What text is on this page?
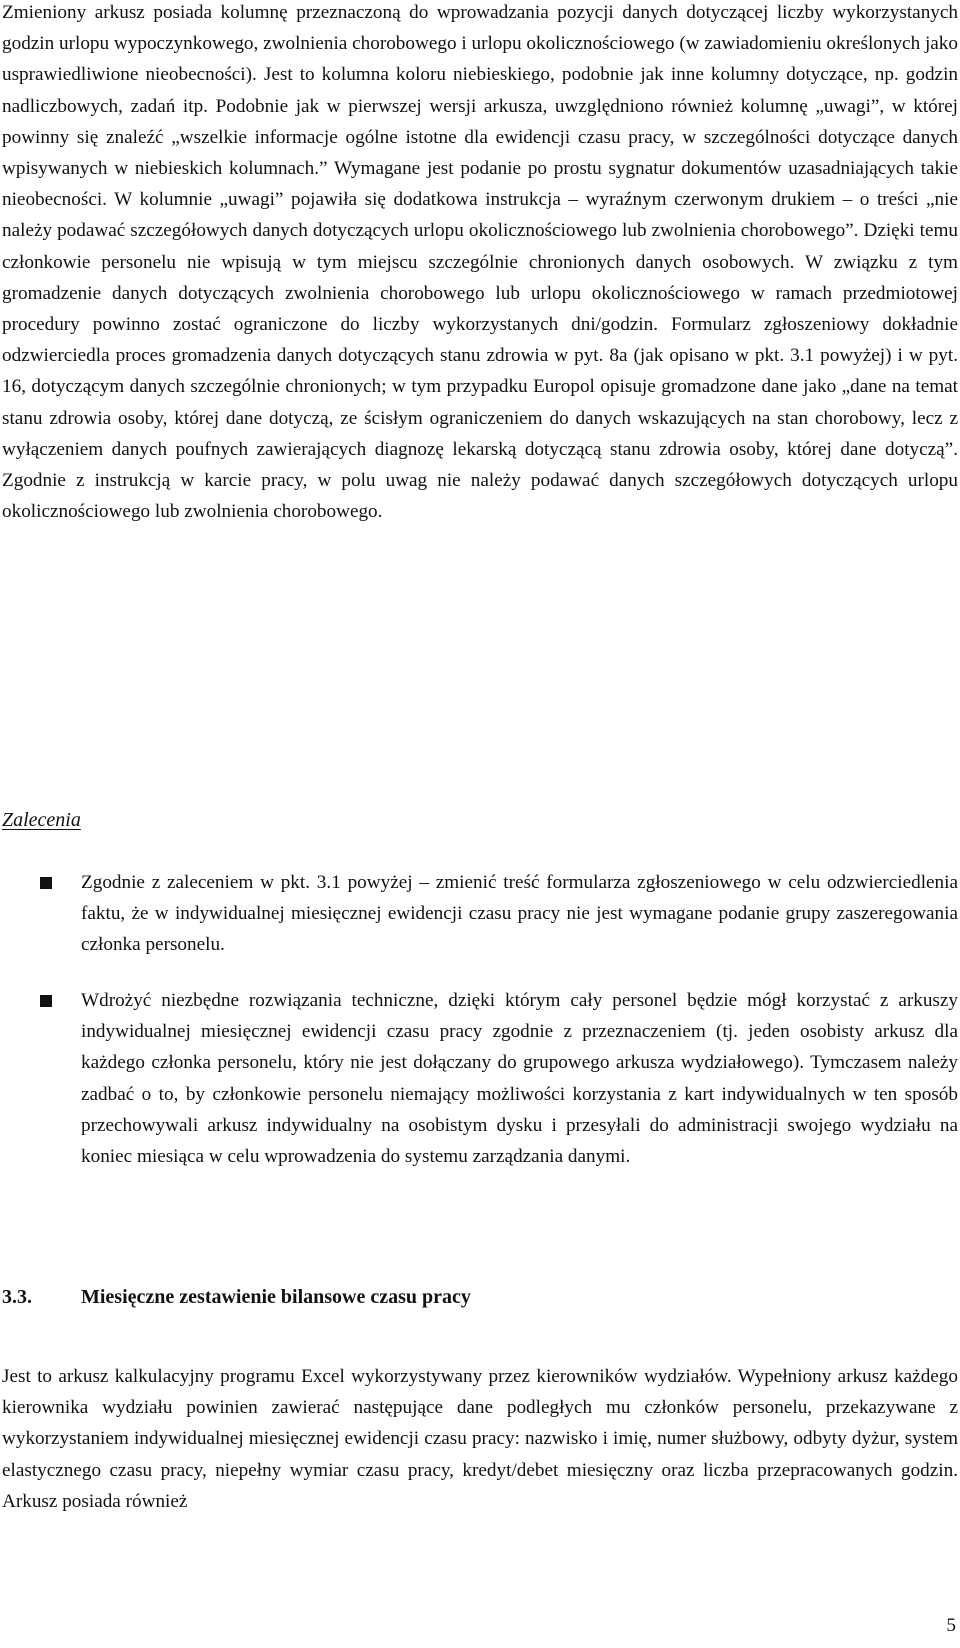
Zmieniony arkusz posiada kolumnę przeznaczoną do wprowadzania pozycji danych dotyczącej liczby wykorzystanych godzin urlopu wypoczynkowego, zwolnienia chorobowego i urlopu okolicznościowego (w zawiadomieniu określonych jako usprawiedliwione nieobecności). Jest to kolumna koloru niebieskiego, podobnie jak inne kolumny dotyczące, np. godzin nadliczbowych, zadań itp. Podobnie jak w pierwszej wersji arkusza, uwzględniono również kolumnę „uwagi”, w której powinny się znaleźć „wszelkie informacje ogólne istotne dla ewidencji czasu pracy, w szczególności dotyczące danych wpisywanych w niebieskich kolumnach.” Wymagane jest podanie po prostu sygnatur dokumentów uzasadniających takie nieobecności. W kolumnie „uwagi” pojawiła się dodatkowa instrukcja – wyraźnym czerwonym drukiem – o treści „nie należy podawać szczegółowych danych dotyczących urlopu okolicznościowego lub zwolnienia chorobowego”. Dzięki temu członkowie personelu nie wpisują w tym miejscu szczególnie chronionych danych osobowych. W związku z tym gromadzenie danych dotyczących zwolnienia chorobowego lub urlopu okolicznościowego w ramach przedmiotowej procedury powinno zostać ograniczone do liczby wykorzystanych dni/godzin. Formularz zgłoszeniowy dokładnie odzwierciedla proces gromadzenia danych dotyczących stanu zdrowia w pyt. 8a (jak opisano w pkt. 3.1 powyżej) i w pyt. 16, dotyczącym danych szczególnie chronionych; w tym przypadku Europol opisuje gromadzone dane jako „dane na temat stanu zdrowia osoby, której dane dotyczą, ze ścisłym ograniczeniem do danych wskazujących na stan chorobowy, lecz z wyłączeniem danych poufnych zawierających diagnozę lekarską dotyczącą stanu zdrowia osoby, której dane dotyczą”. Zgodnie z instrukcją w karcie pracy, w polu uwag nie należy podawać danych szczegółowych dotyczących urlopu okolicznościowego lub zwolnienia chorobowego.

Zalecenia

Zgodnie z zaleceniem w pkt. 3.1 powyżej – zmienić treść formularza zgłoszeniowego w celu odzwierciedlenia faktu, że w indywidualnej miesięcznej ewidencji czasu pracy nie jest wymagane podanie grupy zaszeregowania członka personelu.

Wdrożyć niezbędne rozwiązania techniczne, dzięki którym cały personel będzie mógł korzystać z arkuszy indywidualnej miesięcznej ewidencji czasu pracy zgodnie z przeznaczeniem (tj. jeden osobisty arkusz dla każdego członka personelu, który nie jest dołączany do grupowego arkusza wydziałowego). Tymczasem należy zadbać o to, by członkowie personelu niemający możliwości korzystania z kart indywidualnych w ten sposób przechowywali arkusz indywidualny na osobistym dysku i przesyłali do administracji swojego wydziału na koniec miesiąca w celu wprowadzenia do systemu zarządzania danymi.

3.3. Miesięczne zestawienie bilansowe czasu pracy

Jest to arkusz kalkulacyjny programu Excel wykorzystywany przez kierowników wydziałów. Wypełniony arkusz każdego kierownika wydziału powinien zawierać następujące dane podległych mu członków personelu, przekazywane z wykorzystaniem indywidualnej miesięcznej ewidencji czasu pracy: nazwisko i imię, numer służbowy, odbyty dyżur, system elastycznego czasu pracy, niepełny wymiar czasu pracy, kredyt/debet miesięczny oraz liczba przepracowanych godzin. Arkusz posiada również

5
